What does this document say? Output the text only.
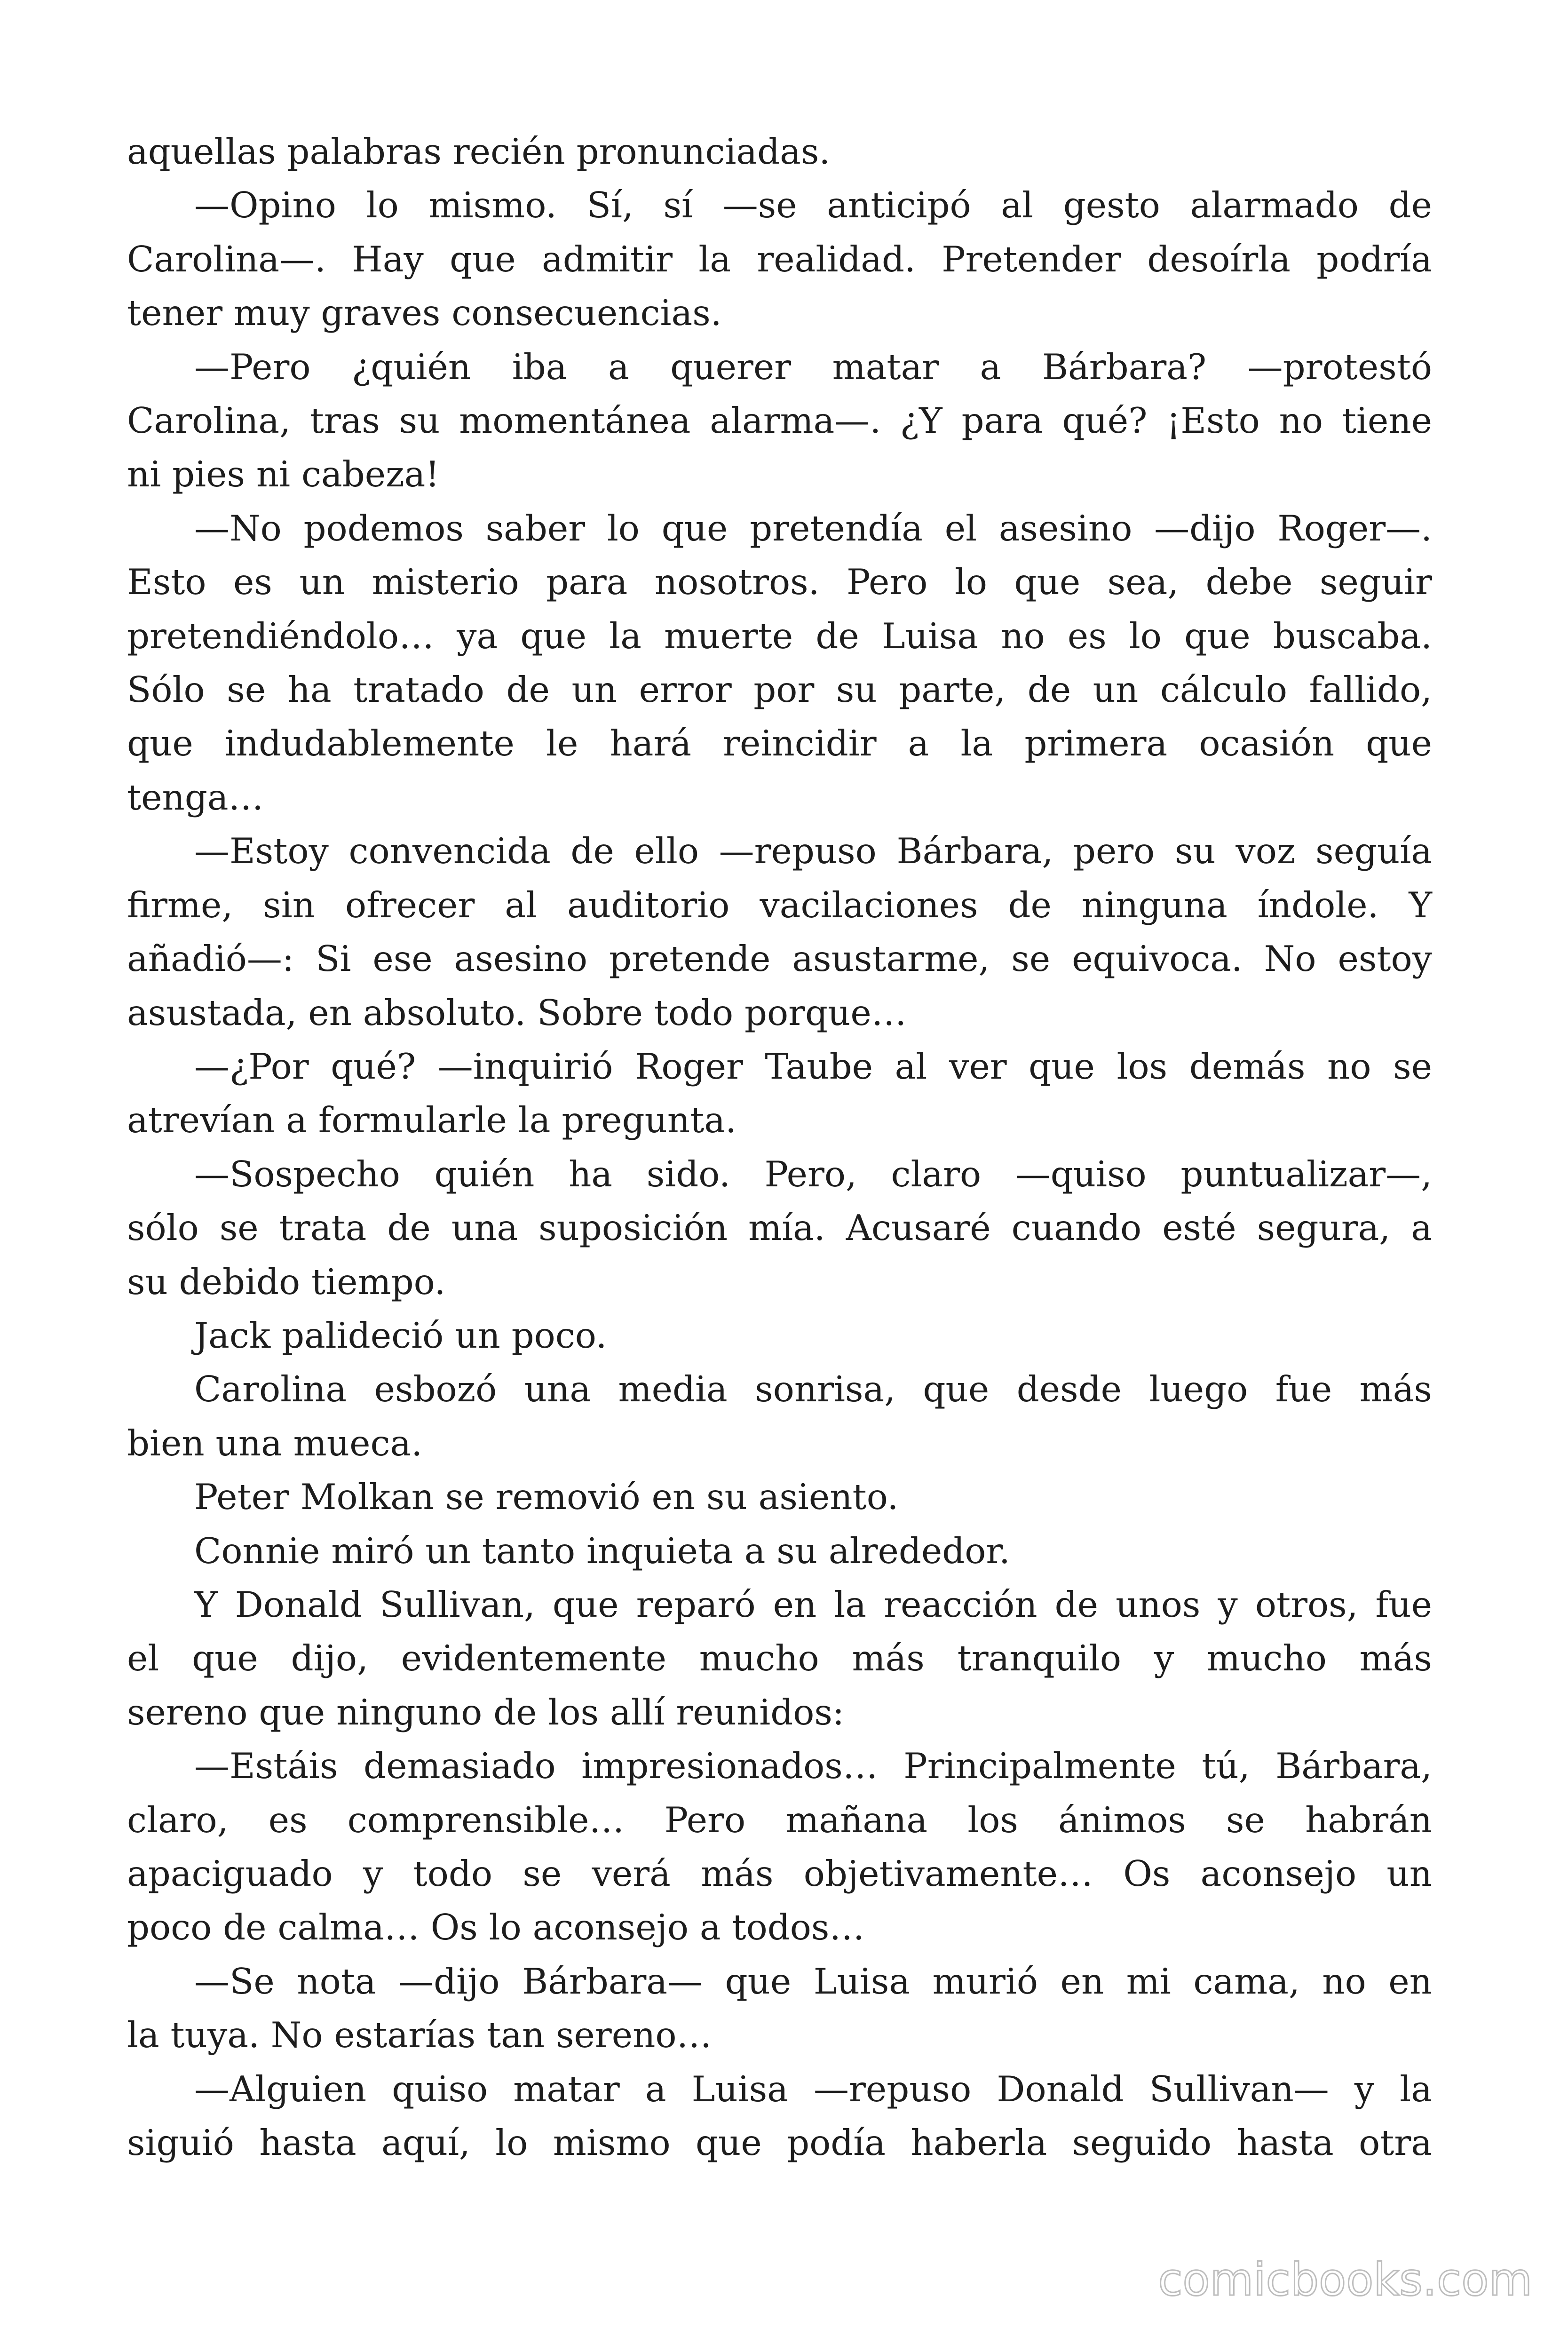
aquellas palabras recién pronunciadas.
—Opino lo mismo. Sí, sí —se anticipó al gesto alarmado de
Carolina—. Hay que admitir la realidad. Pretender desoírla podría
tener muy graves consecuencias.
—Pero ¿quién iba a querer matar a Bárbara? —protestó
Carolina, tras su momentánea alarma—. ¿Y para qué? ¡Esto no tiene
ni pies ni cabeza!
—No podemos saber lo que pretendía el asesino —dijo Roger—.
Esto es un misterio para nosotros. Pero lo que sea, debe seguir
pretendiéndolo… ya que la muerte de Luisa no es lo que buscaba.
Sólo se ha tratado de un error por su parte, de un cálculo fallido,
que indudablemente le hará reincidir a la primera ocasión que
tenga…
—Estoy convencida de ello —repuso Bárbara, pero su voz seguía
firme, sin ofrecer al auditorio vacilaciones de ninguna índole. Y
añadió—: Si ese asesino pretende asustarme, se equivoca. No estoy
asustada, en absoluto. Sobre todo porque…
—¿Por qué? —inquirió Roger Taube al ver que los demás no se
atrevían a formularle la pregunta.
—Sospecho quién ha sido. Pero, claro —quiso puntualizar—,
sólo se trata de una suposición mía. Acusaré cuando esté segura, a
su debido tiempo.
Jack palideció un poco.
Carolina esbozó una media sonrisa, que desde luego fue más
bien una mueca.
Peter Molkan se removió en su asiento.
Connie miró un tanto inquieta a su alrededor.
Y Donald Sullivan, que reparó en la reacción de unos y otros, fue
el que dijo, evidentemente mucho más tranquilo y mucho más
sereno que ninguno de los allí reunidos:
—Estáis demasiado impresionados… Principalmente tú, Bárbara,
claro, es comprensible… Pero mañana los ánimos se habrán
apaciguado y todo se verá más objetivamente… Os aconsejo un
poco de calma… Os lo aconsejo a todos…
—Se nota —dijo Bárbara— que Luisa murió en mi cama, no en
la tuya. No estarías tan sereno…
—Alguien quiso matar a Luisa —repuso Donald Sullivan— y la
siguió hasta aquí, lo mismo que podía haberla seguido hasta otra
comicbooks.com
